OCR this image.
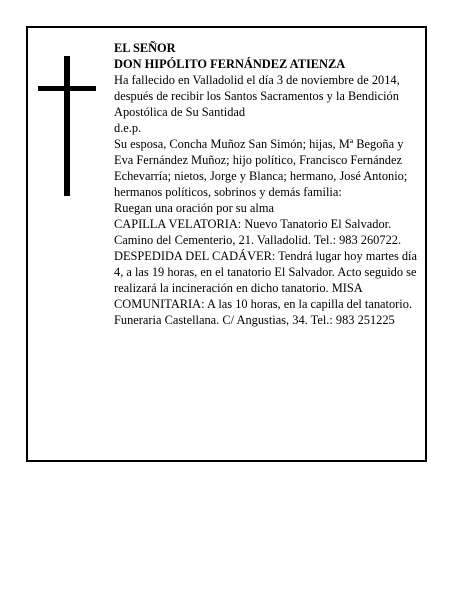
EL SEÑOR

DON HIPÓLITO FERNÁNDEZ ATIENZA

Ha fallecido en Valladolid el día 3 de noviembre de 2014, después de recibir los Santos Sacramentos y la Bendición Apostólica de Su Santidad

d.e.p.

Su esposa, Concha Muñoz San Simón; hijas, Mª Begoña y Eva Fernández Muñoz; hijo político, Francisco Fernández Echevarría; nietos, Jorge y Blanca; hermano, José Antonio; hermanos políticos, sobrinos y demás familia:

Ruegan una oración por su alma

CAPILLA VELATORIA: Nuevo Tanatorio El Salvador. Camino del Cementerio, 21. Valladolid. Tel.: 983 260722.

DESPEDIDA DEL CADÁVER: Tendrá lugar hoy martes día 4, a las 19 horas, en el tanatorio El Salvador. Acto seguido se realizará la incineración en dicho tanatorio. MISA COMUNITARIA: A las 10 horas, en la capilla del tanatorio.

Funeraria Castellana. C/ Angustias, 34. Tel.: 983 251225
